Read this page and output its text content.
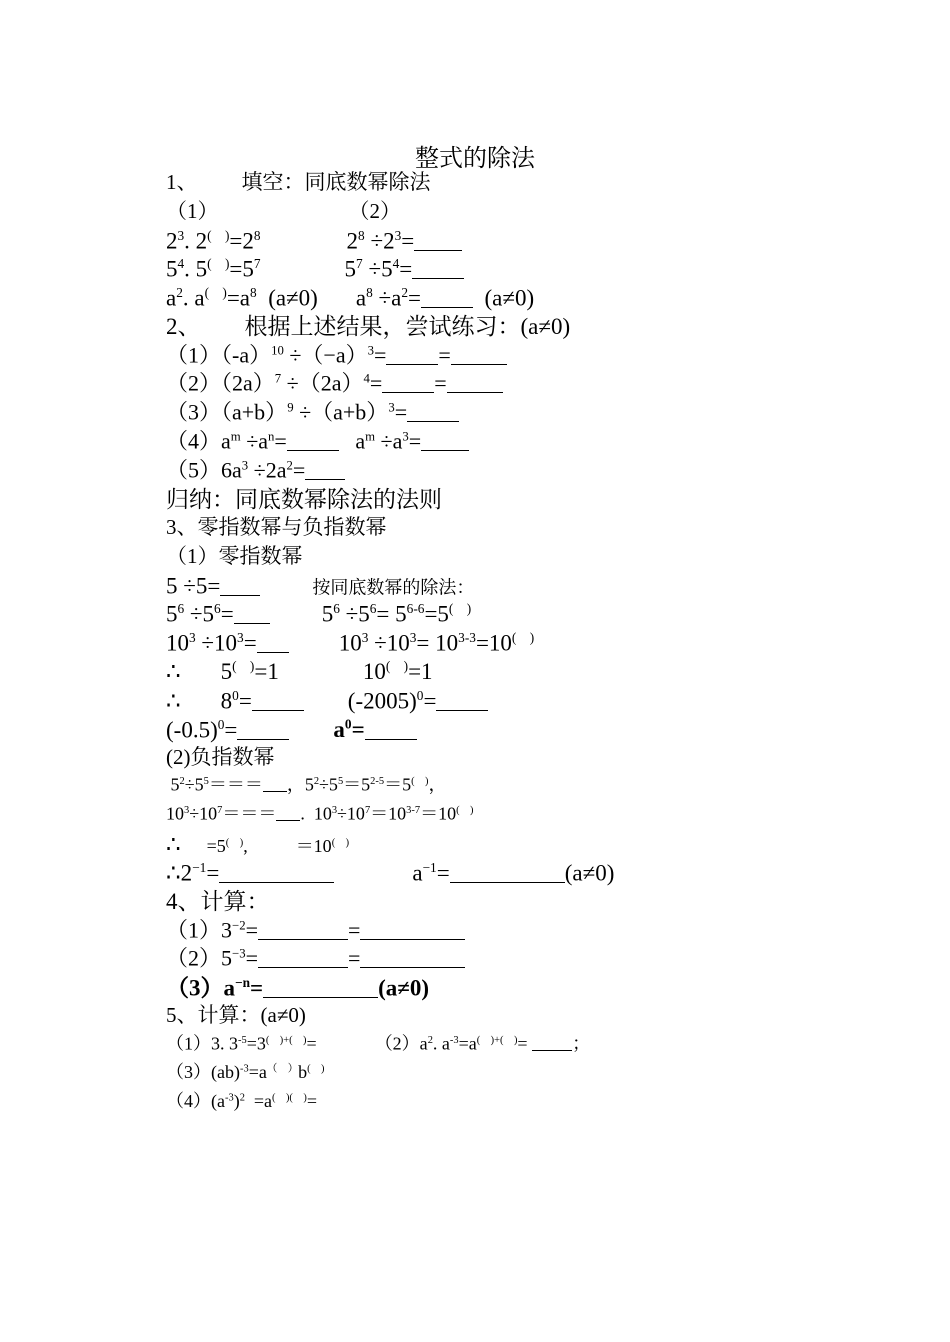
整式的除法
1、 填空：同底数幂除法
（1）	（2）
$2^3$. $2^{( )}=2^8$	$2^8 \div 2^3=$
$5^4$. $5^{( )}=5^7$	$5^7 \div 5^4=$
$a^2$. $a^{( )}=a^8$  (a≠0) $a^8 \div a^2= (a\ne 0)$
2、 根据上述结果，尝试练习：(a≠0)
$(1)(-a)^{10} \div(-a)^3=$ =
$(2)(2a)^7 \div(2a)^4=$ =
$(3)(a+b)^9 \div(a+b)^3=$
$(4)a^m \div a^n= a^m \div a^3=$
$(5)6a^3 \div 2a^2=$
归纳：同底数幂除法的法则
3、零指数幂与负指数幂
（1）零指数幂
5 ÷5=	按同底数幂的除法：
$5^6 \div 5^6=$	$5^6 \div 5^6= 5^{6-6}=5^{( )}$
$10^3 \div 10^3=$	$10^3 \div 10^3= 10^{3-3}=10^{( )}$
∴ 5(　)=1	10(　)=1
∴ $8^0=$	$(-2005)^0=$
$(-0.5)^0=$	$a^0=$
(2)负指数幂
$5^2\div 5^5===$ ，$5^2\div 5^5=5^{2-5}=5^{( )}$，
$10^3\div 10^7===$ .  $10^3\div 10^7=10^{3-7}=10^{( )}$
∴ =5(　),	＝10(　)
$\therefore 2^{-1}=$	$a^{-1}=$	(a≠0)
4、计算：
$(1)3^{-2}=$	=
$(2)5^{-3}=$	=
$(3)a^{-n}=$	(a≠0)
5、计算：(a≠0)
（1）3. $3^{-5}=3^{( )+( )}=$	$(2)a^2$. $a^{-3}=a^{( )+( )}=$ ；
（3）(ab)$^{-3}$=a（　）b(　)
$(4)(a^{-3})^2 =a^{( )( )}=$
